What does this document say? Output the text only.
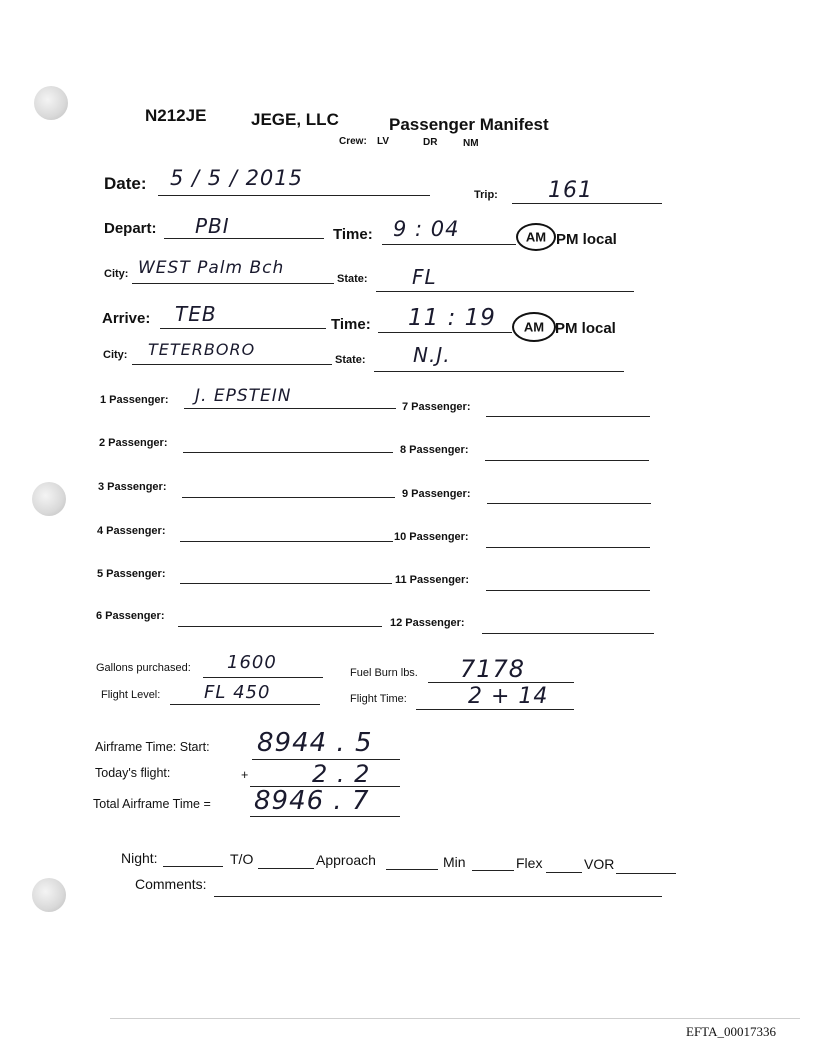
N212JE	JEGE, LLC	Passenger Manifest
Crew: LV	DR	NM
Date: 5 / 5 / 2015
Trip: 161
Depart: PBI	Time: 9 : 04	AM PM local
City: WEST Palm Bch
State: FL
Arrive: TEB	Time: 11 : 19	AM PM local
City: TETERBORO
State: N.J.
1 Passenger: J. EPSTEIN
2 Passenger:
3 Passenger:
4 Passenger:
5 Passenger:
6 Passenger:
7 Passenger:
8 Passenger:
9 Passenger:
10 Passenger:
11 Passenger:
12 Passenger:
Gallons purchased: 1600	Fuel Burn lbs. 7178
Flight Level: FL 450	Flight Time:	2 + 14
Airframe Time: Start: 8944 . 5
Today's flight:	+	2 . 2
Total Airframe Time = 8946 . 7
Night:	T/O	Approach	Min	Flex	VOR
Comments:
EFTA_00017336
